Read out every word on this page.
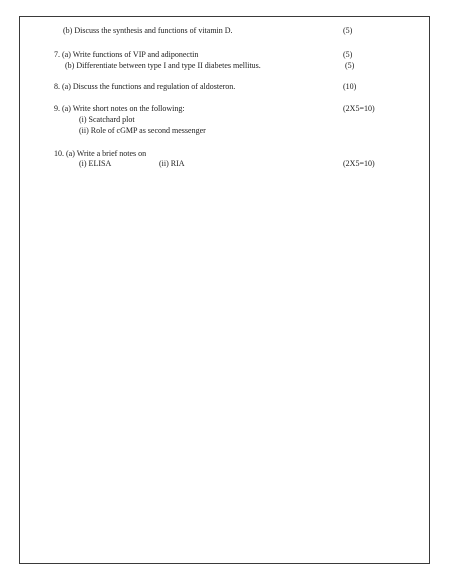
(b) Discuss the synthesis and functions of vitamin D.	(5)
7. (a) Write functions of VIP and adiponectin	(5)
(b) Differentiate between type I and type II diabetes mellitus.	(5)
8. (a) Discuss the functions and regulation of aldosteron.	(10)
9. (a) Write short notes on the following:	(2X5=10)
(i) Scatchard plot
(ii) Role of cGMP as second messenger
10. (a) Write a brief notes on
(i) ELISA	(ii) RIA	(2X5=10)
